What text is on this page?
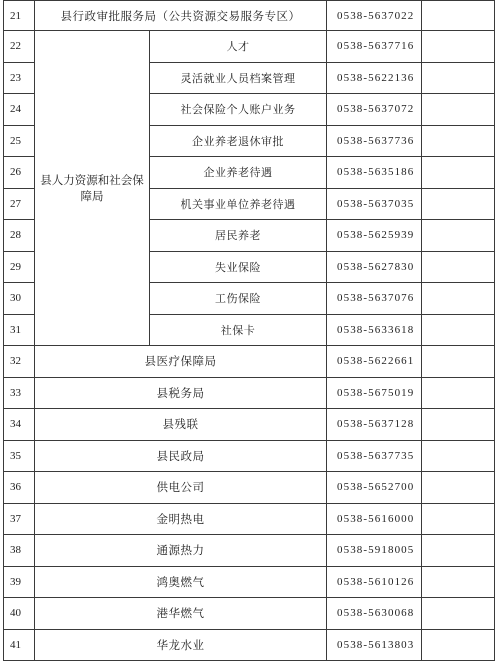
21	县行政审批服务局（公共资源交易服务专区）		0538-5637022	
22	县人力资源和社会保障局	人才	0538-5637716	
23		灵活就业人员档案管理	0538-5622136	
24		社会保险个人账户业务	0538-5637072	
25		企业养老退休审批	0538-5637736	
26		企业养老待遇	0538-5635186	
27		机关事业单位养老待遇	0538-5637035	
28		居民养老	0538-5625939	
29		失业保险	0538-5627830	
30		工伤保险	0538-5637076	
31		社保卡	0538-5633618	
32	县医疗保障局		0538-5622661	
33	县税务局		0538-5675019	
34	县残联		0538-5637128	
35	县民政局		0538-5637735	
36	供电公司		0538-5652700	
37	金明热电		0538-5616000	
38	通源热力		0538-5918005	
39	鸿奥燃气		0538-5610126	
40	港华燃气		0538-5630068	
41	华龙水业		0538-5613803	
